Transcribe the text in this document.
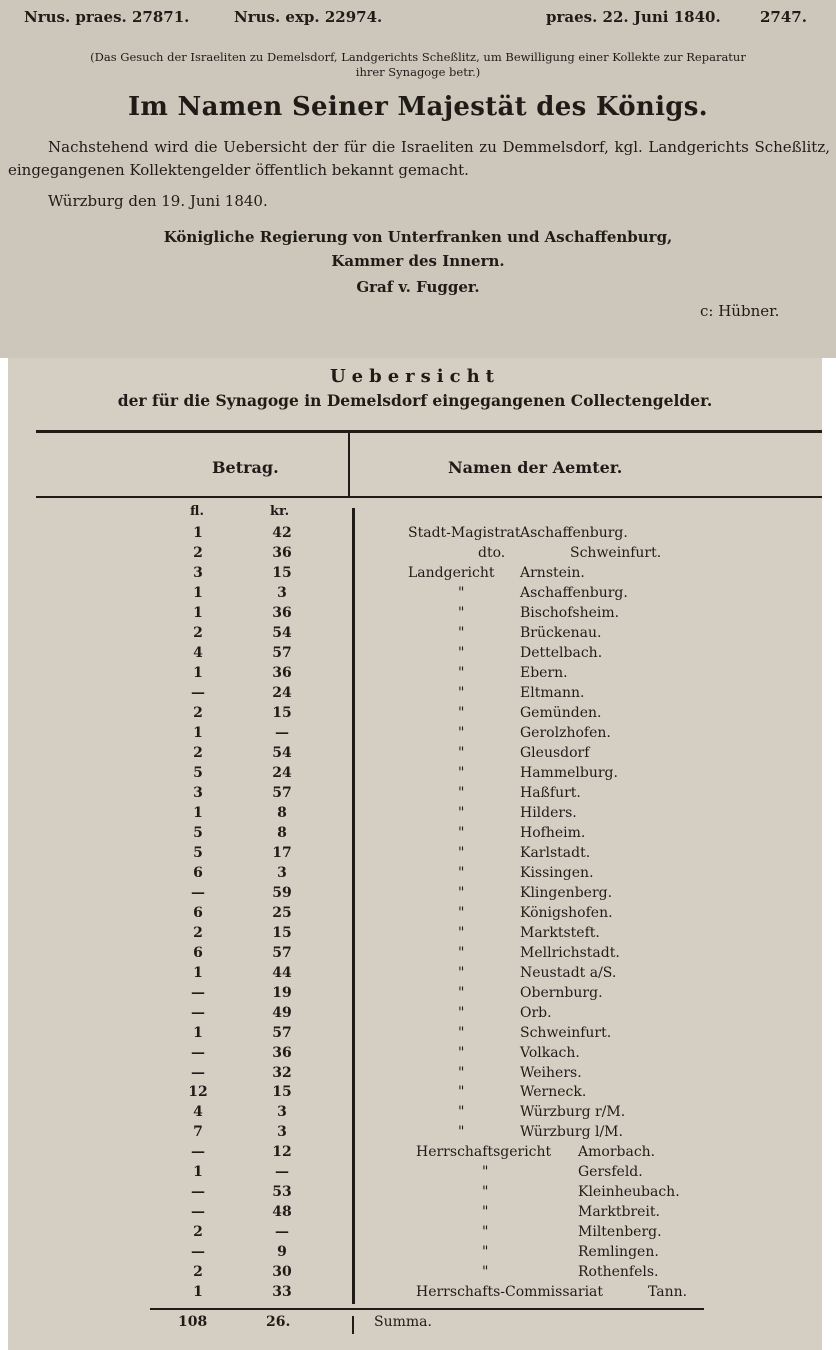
Nrus. praes. 27871.	Nrus. exp. 22974.	praes. 22. Juni 1840.	2747.
(Das Gesuch der Israeliten zu Demelsdorf, Landgerichts Scheßlitz, um Bewilligung einer Kollekte zur Reparatur
ihrer Synagoge betr.)
Im Namen Seiner Majestät des Königs.
Nachstehend wird die Uebersicht der für die Israeliten zu Demmelsdorf, kgl. Landgerichts Scheßlitz, eingegangenen Kollektengelder öffentlich bekannt gemacht.
Würzburg den 19. Juni 1840.
Königliche Regierung von Unterfranken und Aschaffenburg,
Kammer des Innern.
Graf v. Fugger.
c: Hübner.
Uebersicht
der für die Synagoge in Demelsdorf eingegangenen Collectengelder.
Betrag.	Namen der Aemter.
fl.	kr.
1	42	Stadt-Magistrat Aschaffenburg.
2	36	dto.	Schweinfurt.
3	15	Landgericht Arnstein.
1	3	"	Aschaffenburg.
1	36	"	Bischofsheim.
2	54	"	Brückenau.
4	57	"	Dettelbach.
1	36	"	Ebern.
—	24	"	Eltmann.
2	15	"	Gemünden.
1	—	"	Gerolzhofen.
2	54	"	Gleusdorf
5	24	"	Hammelburg.
3	57	"	Haßfurt.
1	8	"	Hilders.
5	8	"	Hofheim.
5	17	"	Karlstadt.
6	3	"	Kissingen.
—	59	"	Klingenberg.
6	25	"	Königshofen.
2	15	"	Marktsteft.
6	57	"	Mellrichstadt.
1	44	"	Neustadt a/S.
—	19	"	Obernburg.
—	49	"	Orb.
1	57	"	Schweinfurt.
—	36	"	Volkach.
—	32	"	Weihers.
12	15	"	Werneck.
4	3	"	Würzburg r/M.
7	3	"	Würzburg l/M.
—	12	Herrschaftsgericht Amorbach.
1	—	"	Gersfeld.
—	53	"	Kleinheubach.
—	48	"	Marktbreit.
2	—	"	Miltenberg.
—	9	"	Remlingen.
2	30	"	Rothenfels.
1	33	Herrschafts-Commissariat	Tann.
108	26.	Summa.
